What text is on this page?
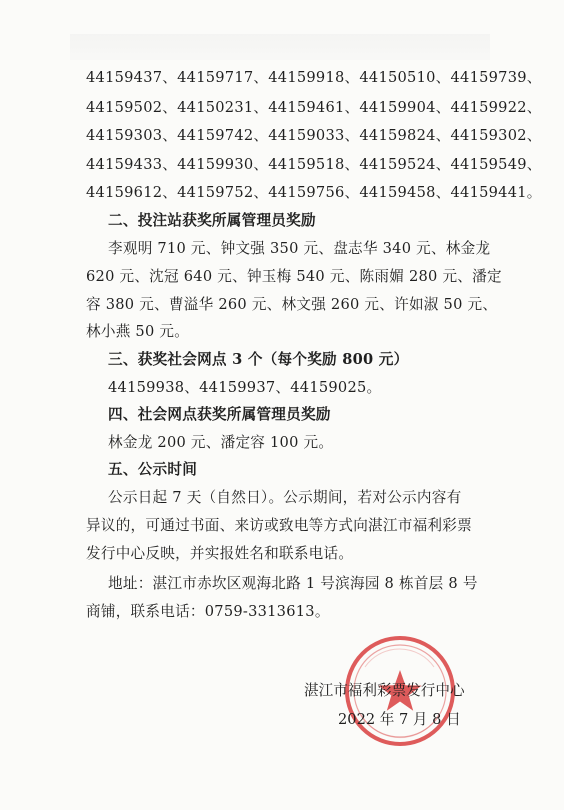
44159437、44159717、44159918、44150510、44159739、
44159502、44150231、44159461、44159904、44159922、
44159303、44159742、44159033、44159824、44159302、
44159433、44159930、44159518、44159524、44159549、
44159612、44159752、44159756、44159458、44159441。
二、投注站获奖所属管理员奖励
李观明 710 元、钟文强 350 元、盘志华 340 元、林金龙
620 元、沈冠 640 元、钟玉梅 540 元、陈雨媚 280 元、潘定
容 380 元、曹溢华 260 元、林文强 260 元、许如淑 50 元、
林小燕 50 元。
三、获奖社会网点 3 个（每个奖励 800 元）
44159938、44159937、44159025。
四、社会网点获奖所属管理员奖励
林金龙 200 元、潘定容 100 元。
五、公示时间
公示日起 7 天（自然日）。公示期间，若对公示内容有
异议的，可通过书面、来访或致电等方式向湛江市福利彩票
发行中心反映，并实报姓名和联系电话。
地址：湛江市赤坎区观海北路 1 号滨海园 8 栋首层 8 号
商铺，联系电话：0759-3313613。
湛江市福利彩票发行中心
2022 年 7 月 8 日
